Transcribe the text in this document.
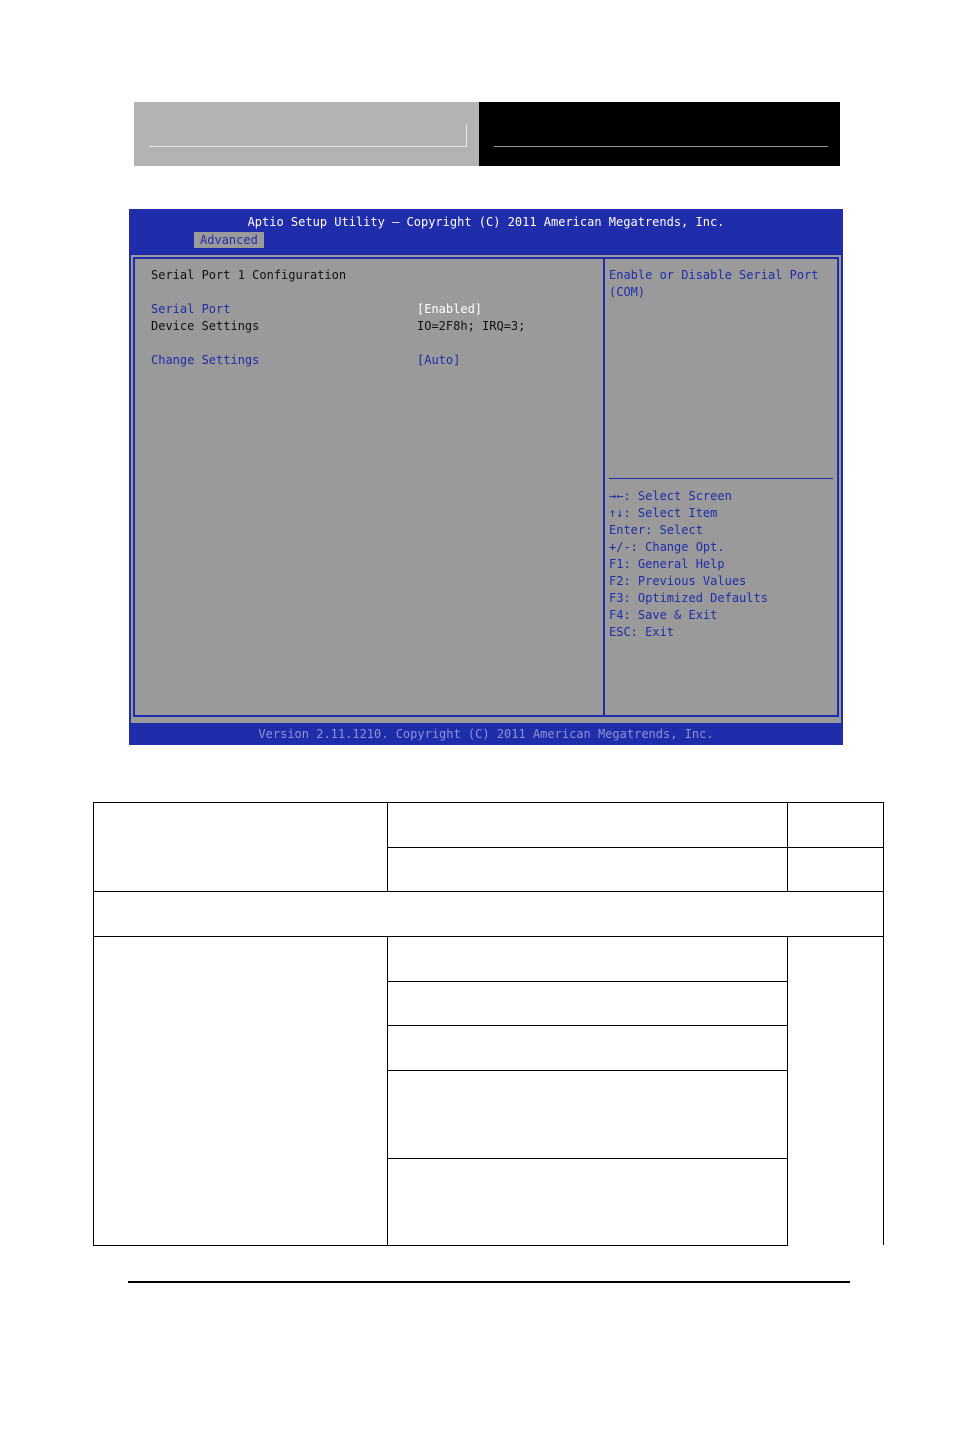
Aptio Setup Utility – Copyright (C) 2011 American Megatrends, Inc.
Advanced
Serial Port 1 Configuration
Serial Port	[Enabled]
Device Settings	IO=2F8h; IRQ=3;
Change Settings	[Auto]
Enable or Disable Serial Port
(COM)
→←: Select Screen
↑↓: Select Item
Enter: Select
+/-: Change Opt.
F1: General Help
F2: Previous Values
F3: Optimized Defaults
F4: Save & Exit
ESC: Exit
Version 2.11.1210. Copyright (C) 2011 American Megatrends, Inc.
